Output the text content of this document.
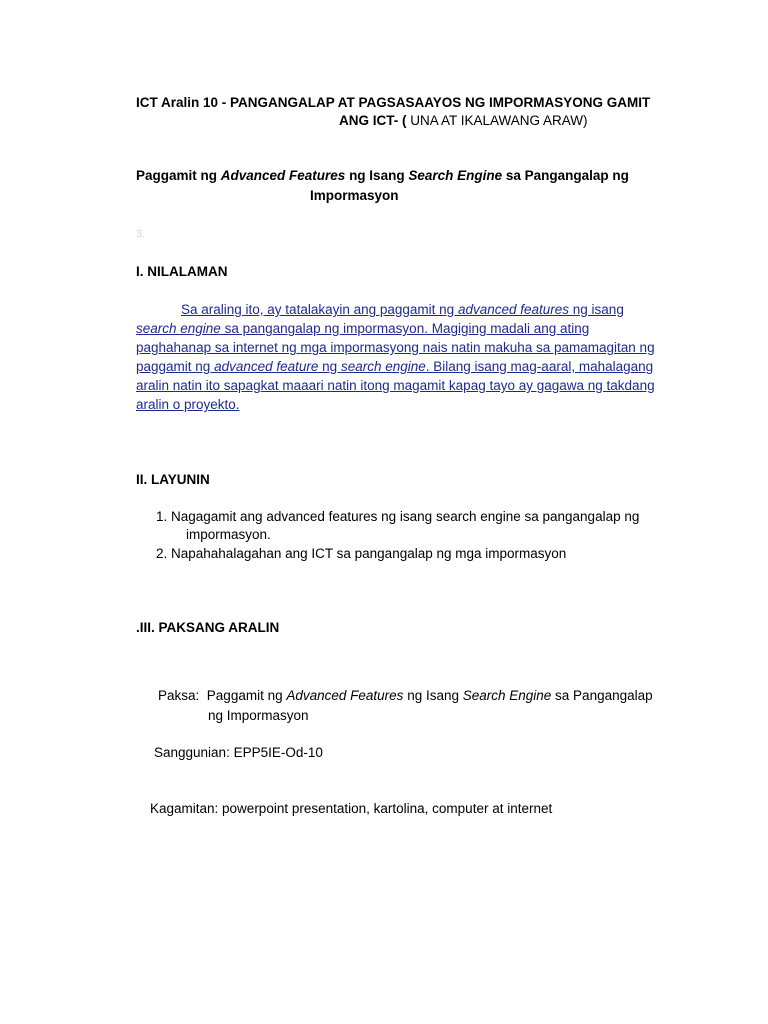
ICT Aralin 10 - PANGANGALAP AT PAGSASAAYOS NG IMPORMASYONG GAMIT
ANG ICT- ( UNA AT IKALAWANG ARAW)
Paggamit ng Advanced Features ng Isang Search Engine sa Pangangalap ng
Impormasyon
3.
I. NILALAMAN
Sa araling ito, ay tatalakayin ang paggamit ng advanced features ng isang
search engine sa pangangalap ng impormasyon. Magiging madali ang ating
paghahanap sa internet ng mga impormasyong nais natin makuha sa pamamagitan ng
paggamit ng advanced feature ng search engine. Bilang isang mag-aaral, mahalagang
aralin natin ito sapagkat maaari natin itong magamit kapag tayo ay gagawa ng takdang
aralin o proyekto.
II. LAYUNIN
1. Nagagamit ang advanced features ng isang search engine sa pangangalap ng
impormasyon.
2. Napahahalagahan ang ICT sa pangangalap ng mga impormasyon
.III. PAKSANG ARALIN
Paksa: Paggamit ng Advanced Features ng Isang Search Engine sa Pangangalap
ng Impormasyon
Sanggunian: EPP5IE-Od-10
Kagamitan: powerpoint presentation, kartolina, computer at internet
